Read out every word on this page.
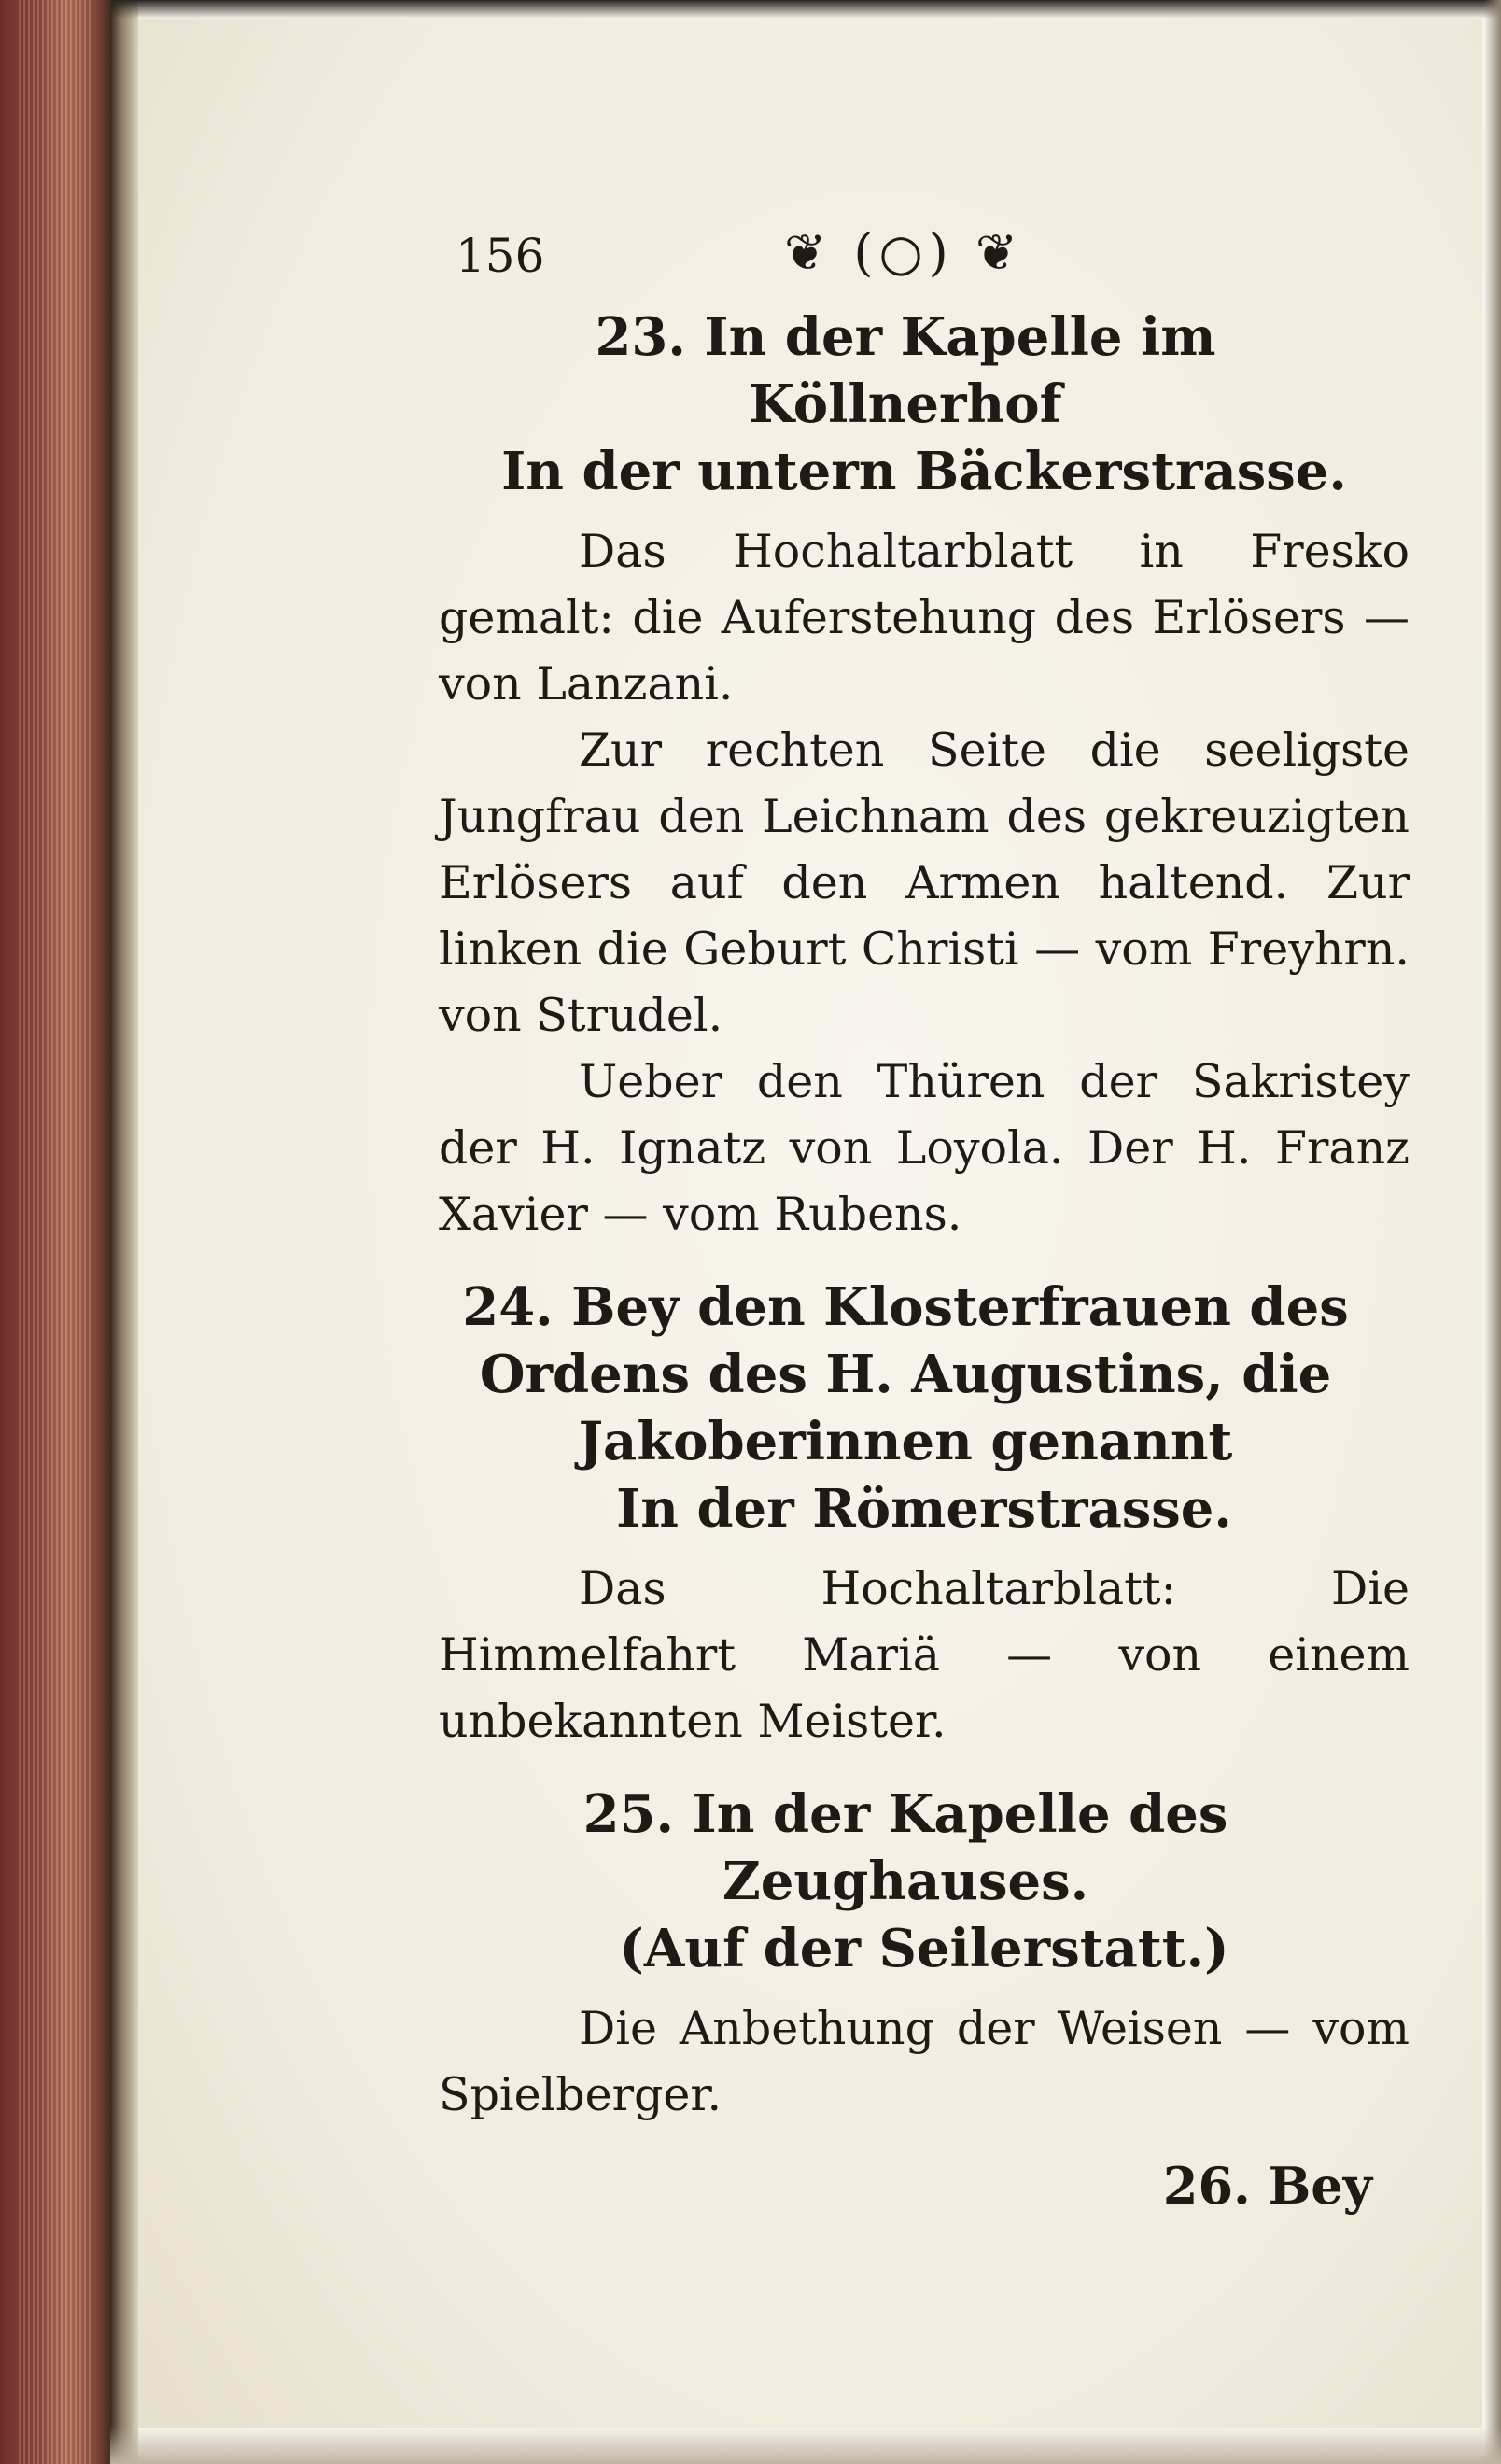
156	❦ (○) ❦

23. In der Kapelle im Köllnerhof

In der untern Bäckerstrasse.

Das Hochaltarblatt in Fresko gemalt: die Auferstehung des Erlösers — von Lanzani.

Zur rechten Seite die seeligste Jungfrau den Leichnam des gekreuzigten Erlösers auf den Armen haltend. Zur linken die Geburt Christi — vom Freyhrn. von Strudel.

Ueber den Thüren der Sakristey der H. Ignatz von Loyola. Der H. Franz Xavier — vom Rubens.

24. Bey den Klosterfrauen des Ordens des H. Augustins, die Jakoberinnen genannt

In der Römerstrasse.

Das Hochaltarblatt: Die Himmelfahrt Mariä — von einem unbekannten Meister.

25. In der Kapelle des Zeughauses.

(Auf der Seilerstatt.)

Die Anbethung der Weisen — vom Spielberger.

26. Bey
